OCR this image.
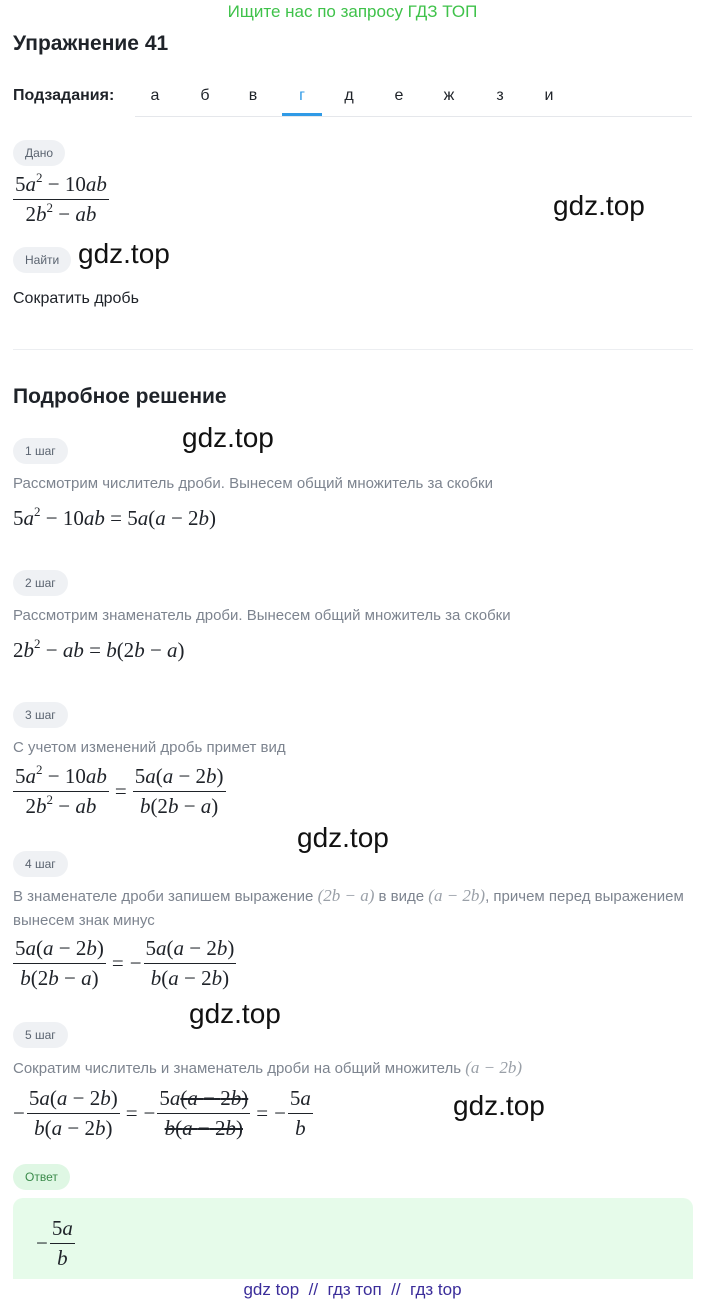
Ищите нас по запросу ГДЗ ТОП
Упражнение 41
Подзадания:	а	б	в	г	д	е	ж	з	и
Дано
$\frac{5a^2 - 10ab}{2b^2 - ab}$
Найти
Сократить дробь
Подробное решение
1 шаг
Рассмотрим числитель дроби. Вынесем общий множитель за скобки
$5a^2 - 10ab = 5a(a - 2b)$
2 шаг
Рассмотрим знаменатель дроби. Вынесем общий множитель за скобки
$2b^2$ − ab = b(2b − a)
3 шаг
С учетом изменений дробь примет вид
$\frac{5a^2 - 10ab}{2b^2 - ab} = \frac{5a(a - 2b)}{b(2b - a)}$
4 шаг
В знаменателе дроби запишем выражение (2b − a) в виде (a − 2b), причем перед выражением вынесем знак минус
$\frac{5a(a - 2b)}{b(2b - a)}$ = − $\frac{5a(a - 2b)}{b(a - 2b)}$
5 шаг
Сократим числитель и знаменатель дроби на общий множитель (a − 2b)
− $\frac{5a(a - 2b)}{b(a - 2b)}$ = − $\frac{5a(a - 2b)}{b(a - 2b)}$ = − $\frac{5a}{b}$
Ответ
− $\frac{5a}{b}$
gdz.top
gdz.top
gdz.top
gdz.top
gdz.top
gdz.top
gdz top  //  гдз топ  //  гдз top
